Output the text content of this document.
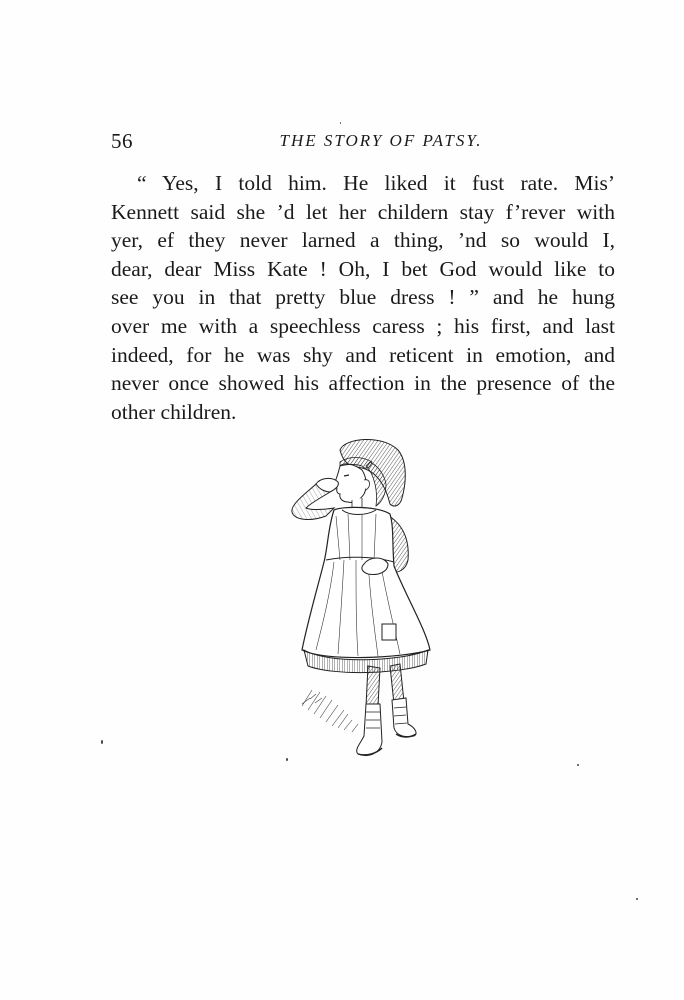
56	THE STORY OF PATSY.
“ Yes, I told him. He liked it fust rate. Mis’
Kennett said she ’d let her childern stay f’rever with
yer, ef they never larned a thing, ’nd so would I,
dear, dear Miss Kate ! Oh, I bet God would like to
see you in that pretty blue dress ! ” and he hung
over me with a speechless caress ; his first, and last
indeed, for he was shy and reticent in emotion, and
never once showed his affection in the presence of the
other children.
